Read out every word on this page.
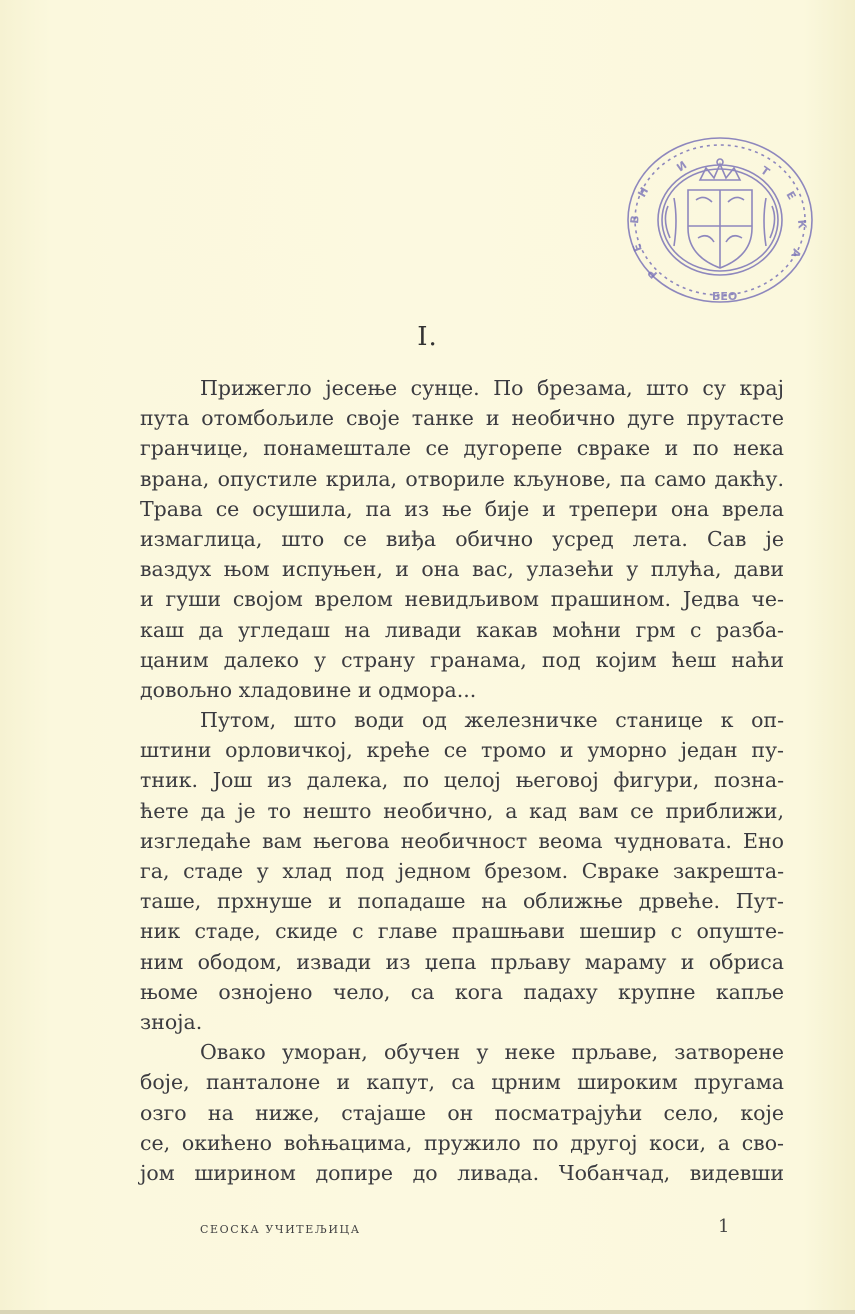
Н
В
Е
Р
И	Т
Е
К
А
БЕО
I.
Прижегло јесење сунце. По брезама, што су крај
пута отомбољиле своје танке и необично дуге прутасте
гранчице, понамештале се дугорепе свраке и по нека
врана, опустиле крила, отвориле кљунове, па само дакћу.
Трава се осушила, па из ње бије и трепери она врела
измаглица, што се виђа обично усред лета. Сав је
ваздух њом испуњен, и она вас, улазећи у плућа, дави
и гуши својом врелом невидљивом прашином. Једва че-
каш да угледаш на ливади какав моћни грм с разба-
цаним далеко у страну гранама, под којим ћеш наћи
довољно хладовине и одмора...
Путом, што води од железничке станице к оп-
штини орловичкој, креће се тромо и уморно један пу-
тник. Још из далека, по целој његовој фигури, позна-
ћете да је то нешто необично, а кад вам се приближи,
изгледаће вам његова необичност веома чудновата. Ено
га, стаде у хлад под једном брезом. Свраке закрешта-
таше, прхнуше и попадаше на оближње дрвеће. Пут-
ник стаде, скиде с главе прашњави шешир с опуште-
ним ободом, извади из џепа прљаву мараму и обриса
њоме ознојено чело, са кога падаху крупне капље
зноја.
Овако уморан, обучен у неке прљаве, затворене
боје, панталоне и капут, са црним широким пругама
озго на ниже, стајаше он посматрајући село, које
се, окићено воћњацима, пружило по другој коси, а сво-
јом ширином допире до ливада. Чобанчад, видевши
СЕОСКА УЧИТЕЉИЦА	1
